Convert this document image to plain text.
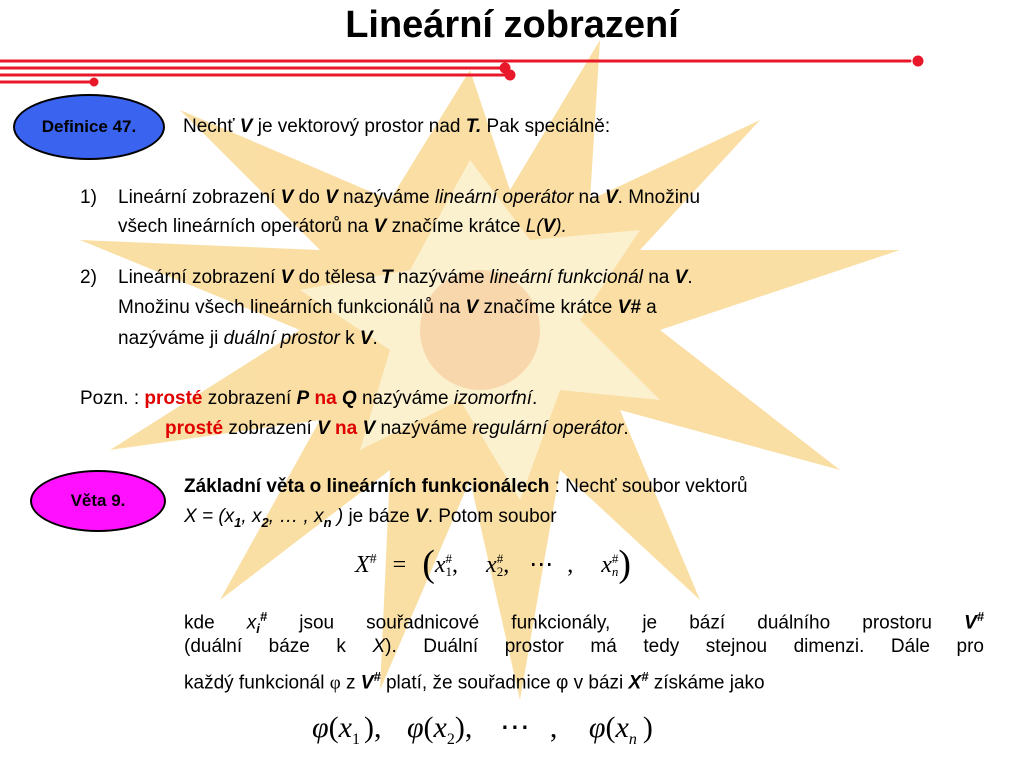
Lineární zobrazení
Definice 47. Nechť V je vektorový prostor nad T. Pak speciálně:
1) Lineární zobrazení V do V nazýváme lineární operátor na V. Množinu
všech lineárních operátorů na V značíme krátce L(V).
2) Lineární zobrazení V do tělesa T nazýváme lineární funkcionál na V.
Množinu všech lineárních funkcionálů na V značíme krátce V# a
nazýváme ji duální prostor k V.
Pozn. : prosté zobrazení P na Q nazýváme izomorfní.
prosté zobrazení V na V nazýváme regulární operátor.
Věta 9.
Základní věta o lineárních funkcionálech : Nechť soubor vektorů
$X = (x_1$, $x_2$, … , $x_n$ ) je báze V. Potom soubor
X# = (x #
1 , x #
2 , ⋯ , x #
n )
kde $x_i^{\#}$ jsou souřadnicové funkcionály, je bází duálního prostoru V#
(duální báze k X). Duální prostor má tedy stejnou dimenzi. Dále pro
každý funkcionál φ z V# platí, že souřadnice φ v bázi X# získáme jako
$\varphi(x_1$ ), $\varphi(x_2)$, ⋯ , $\varphi(x_n$ )
